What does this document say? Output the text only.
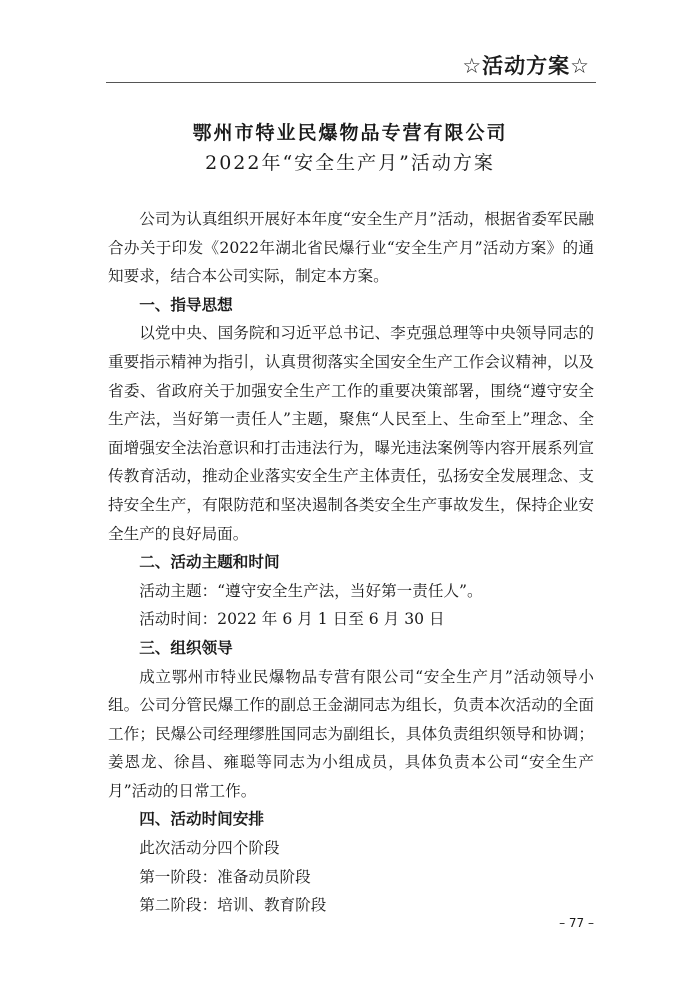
☆活动方案☆
鄂州市特业民爆物品专营有限公司
2022年“安全生产月”活动方案

公司为认真组织开展好本年度“安全生产月”活动，根据省委军民融合办关于印发《2022年湖北省民爆行业“安全生产月”活动方案》的通知要求，结合本公司实际，制定本方案。

一、指导思想

以党中央、国务院和习近平总书记、李克强总理等中央领导同志的重要指示精神为指引，认真贯彻落实全国安全生产工作会议精神，以及省委、省政府关于加强安全生产工作的重要决策部署，围绕“遵守安全生产法，当好第一责任人”主题，聚焦“人民至上、生命至上”理念、全面增强安全法治意识和打击违法行为，曝光违法案例等内容开展系列宣传教育活动，推动企业落实安全生产主体责任，弘扬安全发展理念、支持安全生产，有限防范和坚决遏制各类安全生产事故发生，保持企业安全生产的良好局面。

二、活动主题和时间

活动主题：“遵守安全生产法，当好第一责任人”。

活动时间：2022 年 6 月 1 日至 6 月 30 日

三、组织领导

成立鄂州市特业民爆物品专营有限公司“安全生产月”活动领导小组。公司分管民爆工作的副总王金湖同志为组长，负责本次活动的全面工作；民爆公司经理缪胜国同志为副组长，具体负责组织领导和协调；姜恩龙、徐昌、雍聪等同志为小组成员，具体负责本公司“安全生产月”活动的日常工作。

四、活动时间安排

此次活动分四个阶段

第一阶段：准备动员阶段

第二阶段：培训、教育阶段

– 77 –
